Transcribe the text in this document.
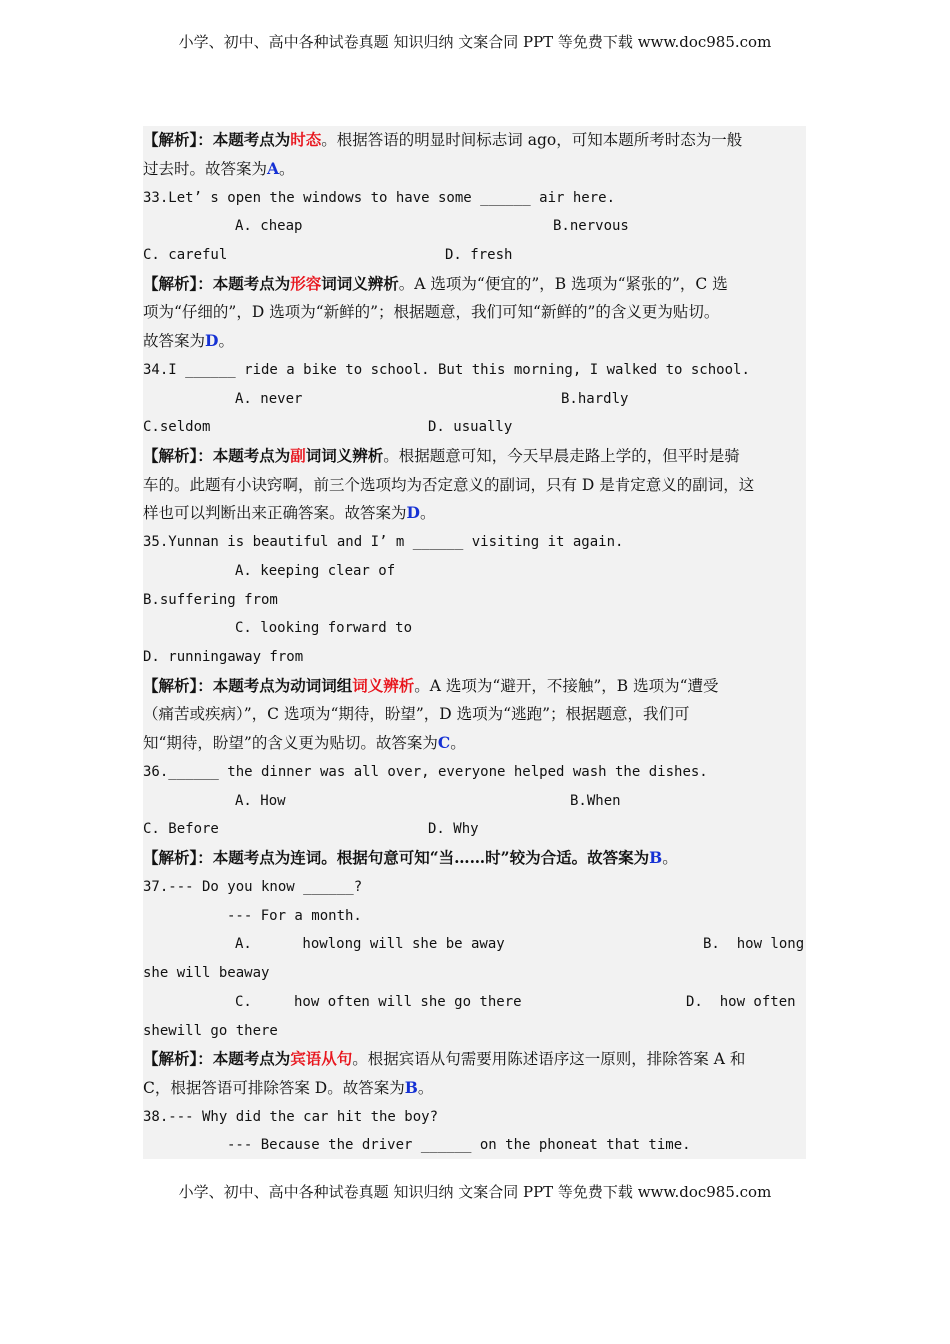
小学、初中、高中各种试卷真题 知识归纳 文案合同 PPT 等免费下载 www.doc985.com
【解析】：本题考点为时态。根据答语的明显时间标志词 ago，可知本题所考时态为一般
过去时。故答案为A。
33.Let’ s open the windows to have some ______ air here.
A. cheap	B.nervous
C. careful	D. fresh
【解析】：本题考点为形容词词义辨析。A 选项为“便宜的”，B 选项为“紧张的”，C 选
项为“仔细的”，D 选项为“新鲜的”；根据题意，我们可知“新鲜的”的含义更为贴切。
故答案为D。
34.I ______ ride a bike to school. But this morning, I walked to school.
A. never	B.hardly
C.seldom	D. usually
【解析】：本题考点为副词词义辨析。根据题意可知，今天早晨走路上学的，但平时是骑
车的。此题有小诀窍啊，前三个选项均为否定意义的副词，只有 D 是肯定意义的副词，这
样也可以判断出来正确答案。故答案为D。
35.Yunnan is beautiful and I’ m ______ visiting it again.
A. keeping clear of
B.suffering from
C. looking forward to
D. runningaway from
【解析】：本题考点为动词词组词义辨析。A 选项为“避开，不接触”，B 选项为“遭受
（痛苦或疾病）”，C 选项为“期待，盼望”，D 选项为“逃跑”；根据题意，我们可
知“期待，盼望”的含义更为贴切。故答案为C。
36.______ the dinner was all over, everyone helped wash the dishes.
A. How	B.When
C. Before	D. Why
【解析】：本题考点为连词。根据句意可知“当……时”较为合适。故答案为B。
37.--- Do you know ______?
--- For a month.
A.      howlong will she be away	B.  how long
she will beaway
C.     how often will she go there	D.  how often
shewill go there
【解析】：本题考点为宾语从句。根据宾语从句需要用陈述语序这一原则，排除答案 A 和
C，根据答语可排除答案 D。故答案为B。
38.--- Why did the car hit the boy?
--- Because the driver ______ on the phoneat that time.
小学、初中、高中各种试卷真题 知识归纳 文案合同 PPT 等免费下载 www.doc985.com
